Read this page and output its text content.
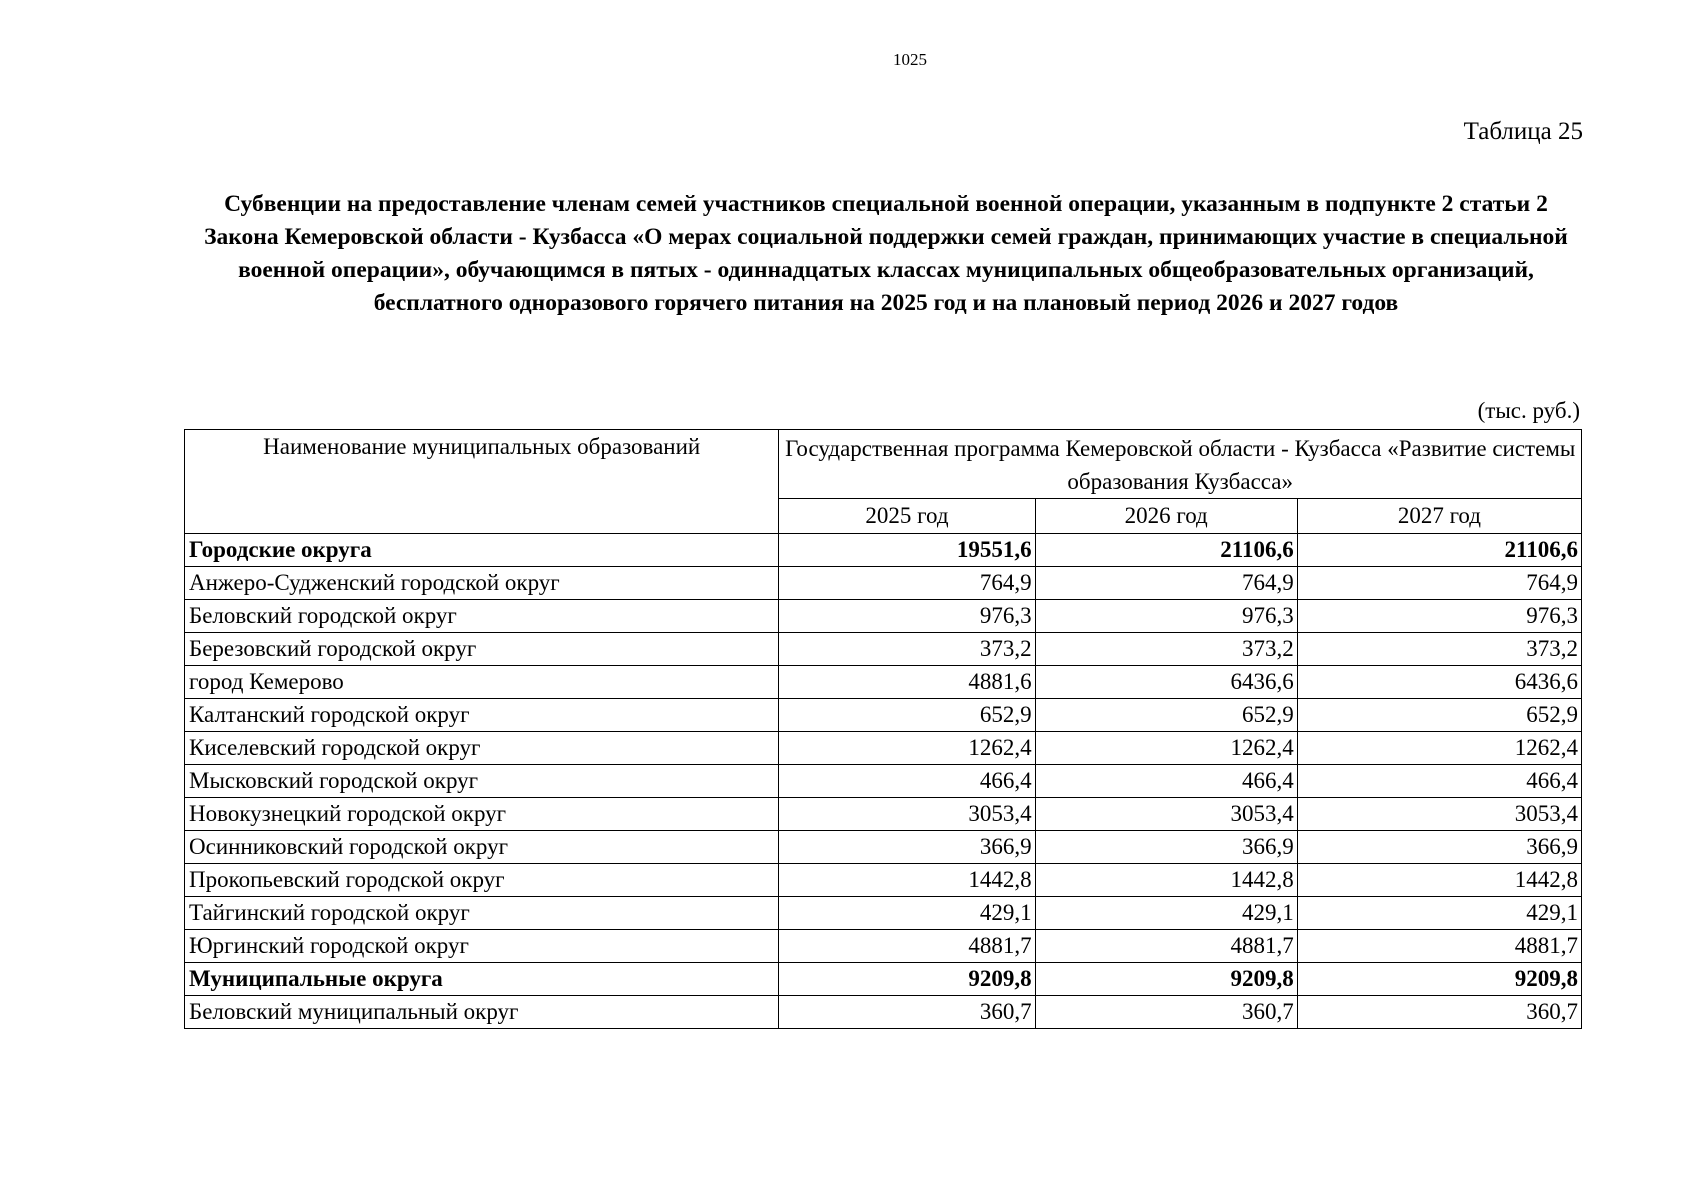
1025
Таблица 25
Субвенции на предоставление членам семей участников специальной военной операции, указанным в подпункте 2 статьи 2 Закона Кемеровской области - Кузбасса «О мерах социальной поддержки семей граждан, принимающих участие в специальной военной операции», обучающимся в пятых - одиннадцатых классах муниципальных общеобразовательных организаций, бесплатного одноразового горячего питания на 2025 год и на плановый период 2026 и 2027 годов
(тыс. руб.)
Наименование муниципальных образований	Государственная программа Кемеровской области - Кузбасса «Развитие системы образования Кузбасса»		
	2025 год	2026 год	2027 год
Городские округа	19551,6	21106,6	21106,6
Анжеро-Судженский городской округ	764,9	764,9	764,9
Беловский городской округ	976,3	976,3	976,3
Березовский городской округ	373,2	373,2	373,2
город Кемерово	4881,6	6436,6	6436,6
Калтанский городской округ	652,9	652,9	652,9
Киселевский городской округ	1262,4	1262,4	1262,4
Мысковский городской округ	466,4	466,4	466,4
Новокузнецкий городской округ	3053,4	3053,4	3053,4
Осинниковский городской округ	366,9	366,9	366,9
Прокопьевский городской округ	1442,8	1442,8	1442,8
Тайгинский городской округ	429,1	429,1	429,1
Юргинский городской округ	4881,7	4881,7	4881,7
Муниципальные округа	9209,8	9209,8	9209,8
Беловский муниципальный округ	360,7	360,7	360,7
